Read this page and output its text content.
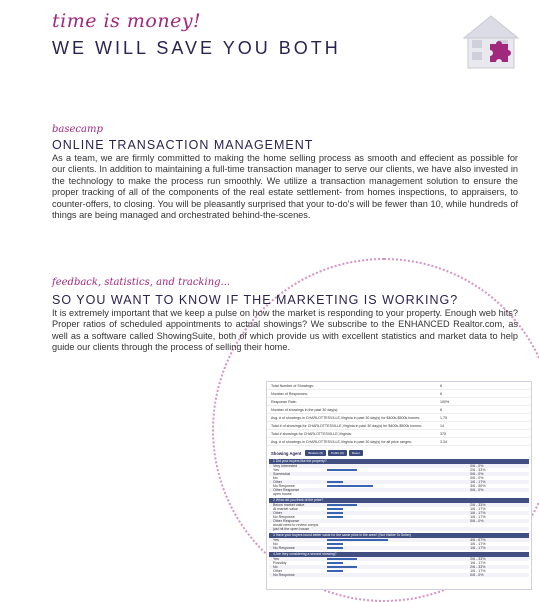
time is money!
WE WILL SAVE YOU BOTH
basecamp
ONLINE TRANSACTION MANAGEMENT
As a team, we are firmly committed to making the home selling process as smooth and effecient as possible for our clients. In addition to maintaining a full-time transaction manager to serve our clients, we have also invested in the technology to make the process run smoothly. We utilize a transaction management solution to ensure the proper tracking of all of the components of the real estate settlement- from homes inspections, to appraisers, to counter-offers, to closing. You will be pleasantly surprised that your to-do's will be fewer than 10, while hundreds of things are being managed and orchestrated behind-the-scenes.
feedback, statistics, and tracking...
SO YOU WANT TO KNOW IF THE MARKETING IS WORKING?
It is extremely important that we keep a pulse on how the market is responding to your property. Enough web hits? Proper ratios of scheduled appointments to actual showings? We subscribe to the ENHANCED Realtor.com, as well as a software called ShowingSuite, both of which provide us with excellent statistics and market data to help guide our clients through the process of selling their home.
Total Number of Showings:	6
Number of Responses:	6
Response Rate:	100%
Number of showings in the past 30 day(s):	6
Avg. # of showings in CHARLOTTESVILLE,Virginia in past 30 day(s) for $400k-$500k homes:	1.75
Total # of showings for CHARLOTTESVILLE,Virginia in past 30 day(s) for $400k-$500k homes:	14
Total # showings for CHARLOTTESVILLE,Virginia:	375
Avg. # of showings in CHARLOTTESVILLE,Virginia in past 30 day(s) for all price ranges:	3.34
Showing Agent	Brokers (6)	Public (0)	Reset
1 Did your buyers like the property?
Very Interested	0/6 - 0%
Yes	2/6 - 33%
Somewhat	0/6 - 0%
No	0/6 - 0%
Other	1/6 - 17%
No Response	3/6 - 50%
Other Response	0/6 - 0%
open house
2 What did you think of the price?
Below market value	2/6 - 33%
At market value	1/6 - 17%
Other	1/6 - 17%
No Response	1/6 - 17%
Other Response	0/6 - 0%
would need to review comps
just hit the open house
3 Have your buyers found better value for the same price in the area? (Not Visible To Seller)
Yes	4/6 - 67%
No	1/6 - 17%
No Response	1/6 - 17%
4 Are they considering a second showing?
Yes	2/6 - 33%
Possibly	1/6 - 17%
No	2/6 - 33%
Other	1/6 - 17%
No Response	0/6 - 0%
